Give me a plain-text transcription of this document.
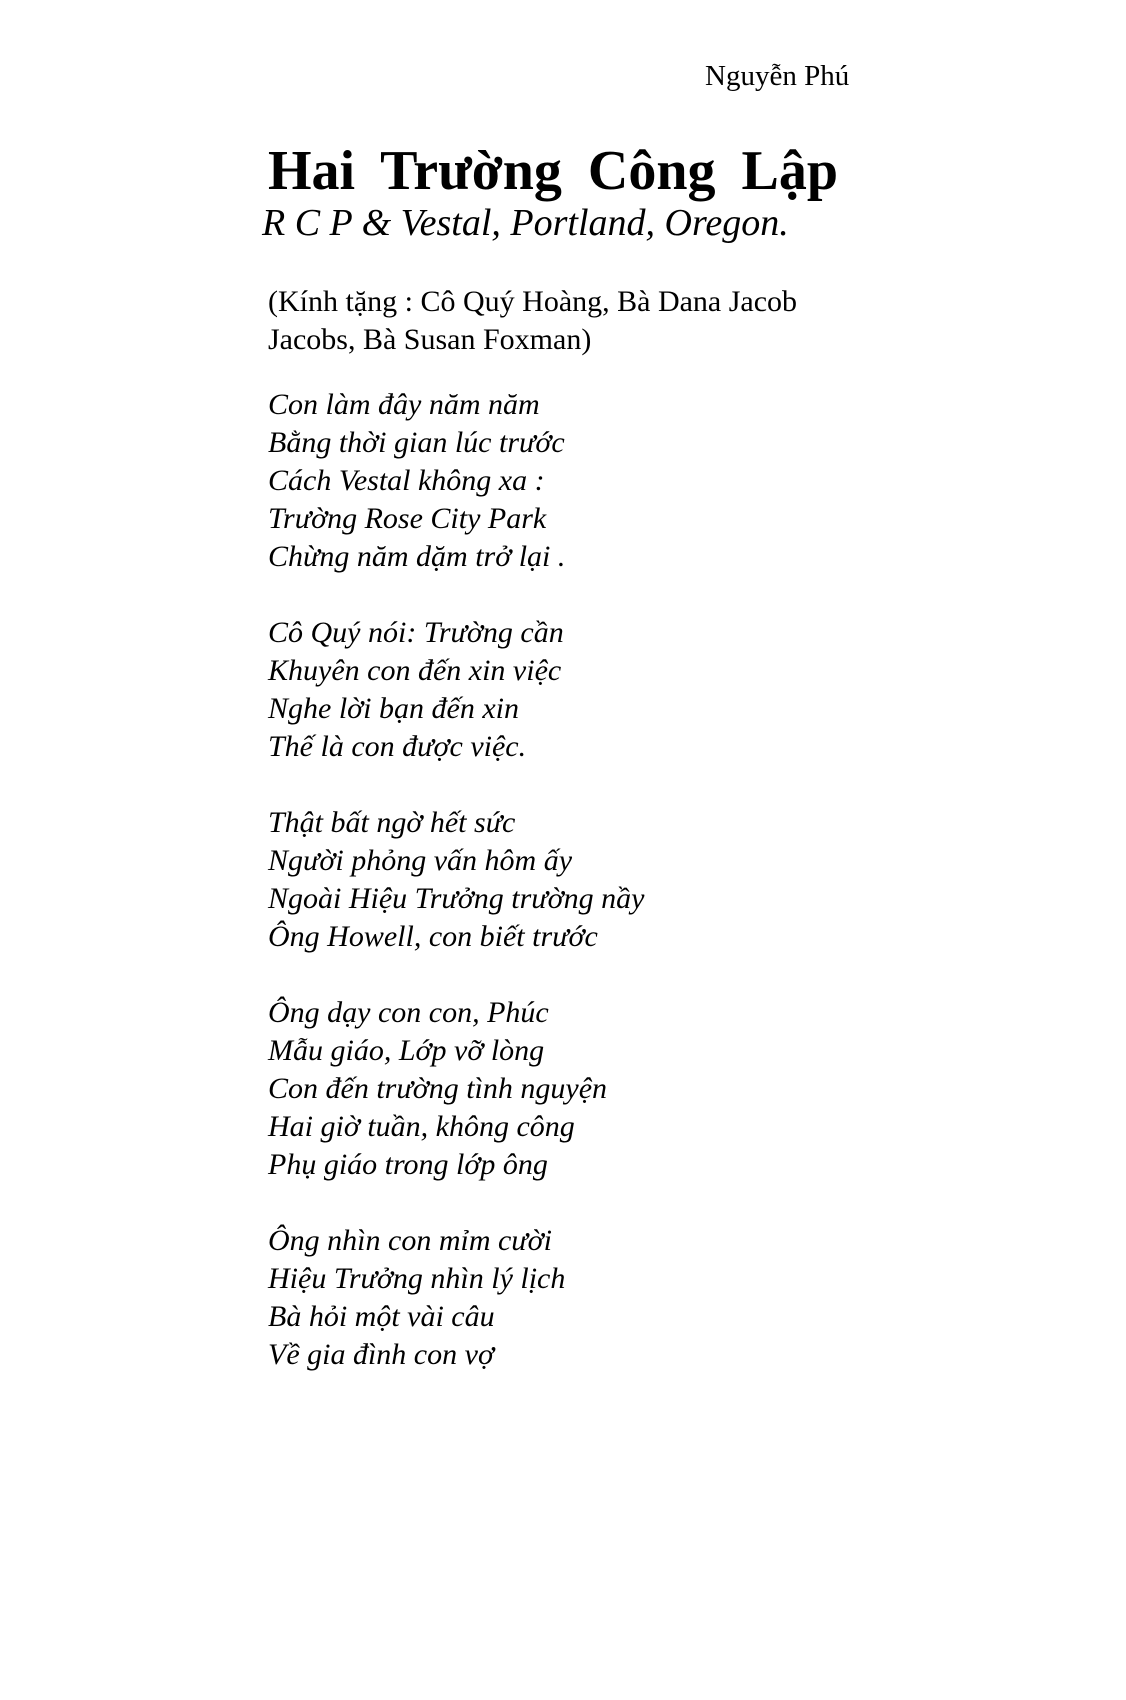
Nguyễn Phú
Hai Trường Công Lập
R C P & Vestal, Portland, Oregon.
(Kính tặng : Cô Quý Hoàng, Bà Dana Jacob
Jacobs, Bà Susan Foxman)
Con làm đây năm năm
Bằng thời gian lúc trước
Cách Vestal không xa :
Trường Rose City Park
Chừng năm dặm trở lại .
Cô Quý nói: Trường cần
Khuyên con đến xin việc
Nghe lời bạn đến xin
Thế là con được việc.
Thật bất ngờ hết sức
Người phỏng vấn hôm ấy
Ngoài Hiệu Trưởng trường nầy
Ông Howell, con biết trước
Ông dạy con con, Phúc
Mẫu giáo, Lớp vỡ lòng
Con đến trường tình nguyện
Hai giờ tuần, không công
Phụ giáo trong lớp ông
Ông nhìn con mỉm cười
Hiệu Trưởng nhìn lý lịch
Bà hỏi một vài câu
Về gia đình con vợ
